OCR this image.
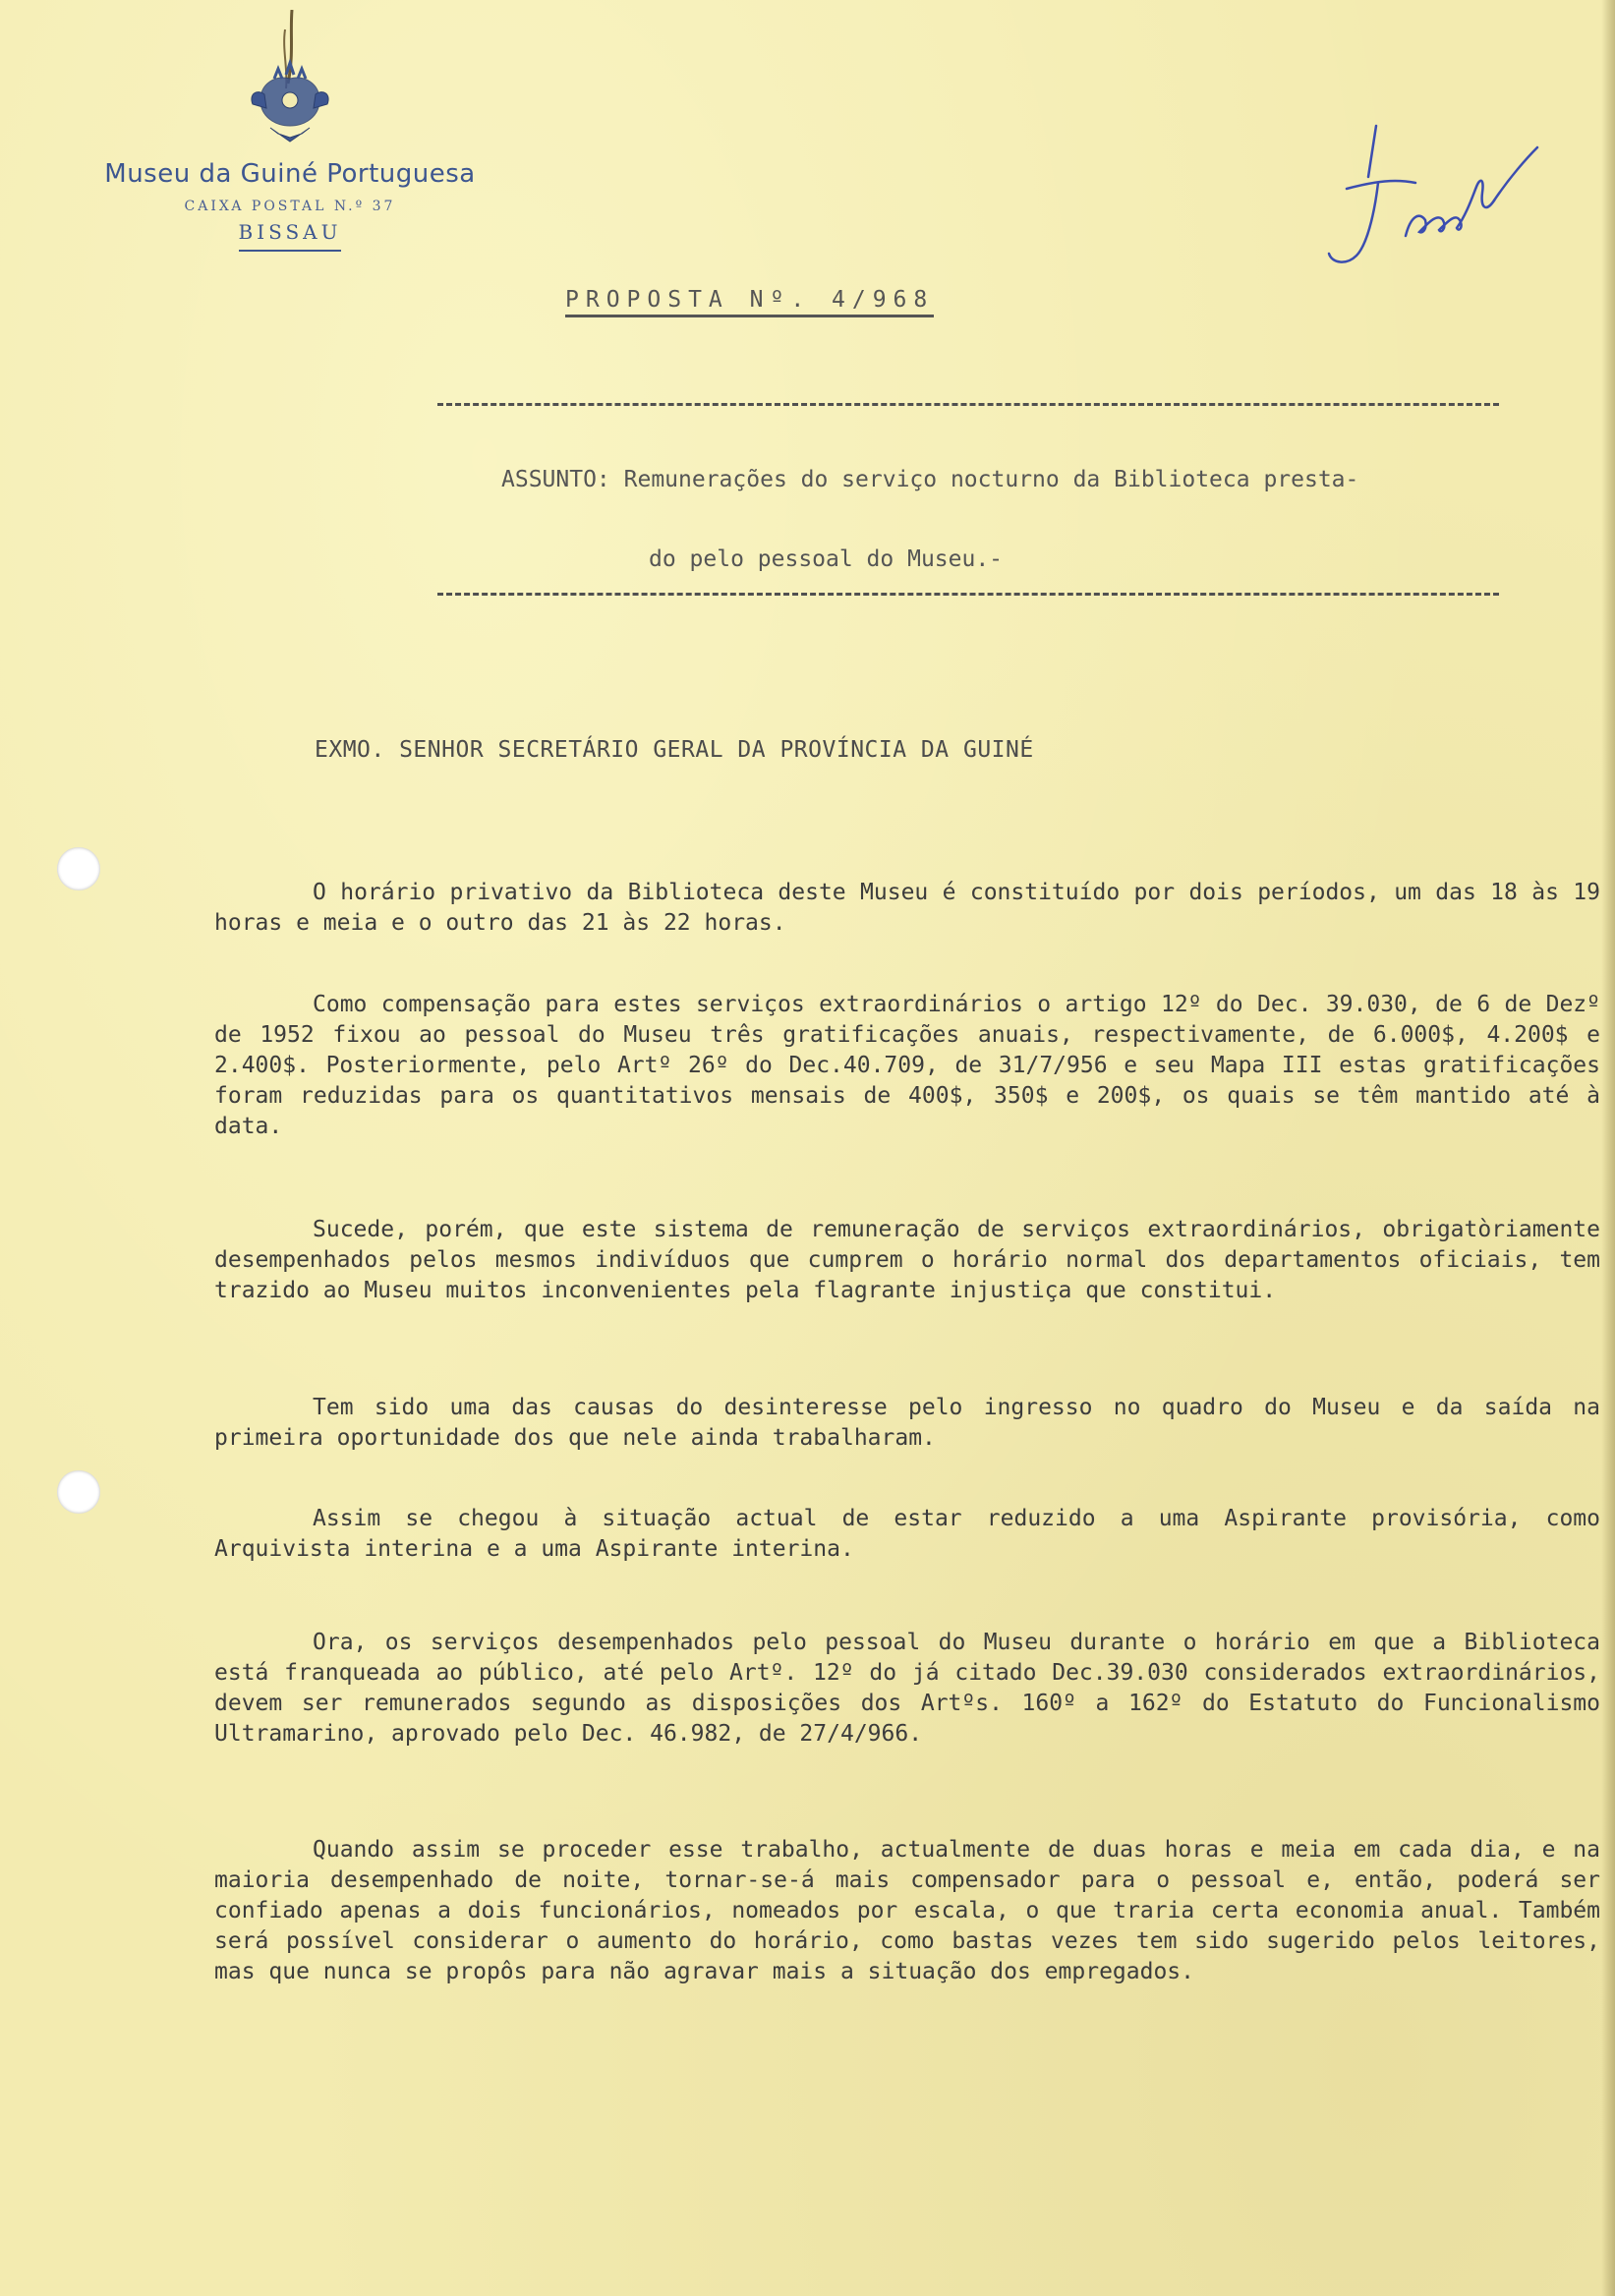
Museu da Guiné Portuguesa
CAIXA POSTAL N.º 37
BISSAU
PROPOSTA Nº. 4/968
ASSUNTO: Remunerações do serviço nocturno da Biblioteca presta-
do pelo pessoal do Museu.-
EXMO. SENHOR SECRETÁRIO GERAL DA PROVÍNCIA DA GUINÉ

O horário privativo da Biblioteca deste Museu é constituído por dois períodos, um das 18 às 19 horas e meia e o outro das 21 às 22 horas.

Como compensação para estes serviços extraordinários o artigo 12º do Dec. 39.030, de 6 de Dezº de 1952 fixou ao pessoal do Museu três gratificações anuais, respectivamente, de 6.000$, 4.200$ e 2.400$. Posteriormente, pelo Artº 26º do Dec.40.709, de 31/7/956 e seu Mapa III estas gratificações foram reduzidas para os quantitativos mensais de 400$, 350$ e 200$, os quais se têm mantido até à data.

Sucede, porém, que este sistema de remuneração de serviços extraordinários, obrigatòriamente desempenhados pelos mesmos indivíduos que cumprem o horário normal dos departamentos oficiais, tem trazido ao Museu muitos inconvenientes pela flagrante injustiça que constitui.

Tem sido uma das causas do desinteresse pelo ingresso no quadro do Museu e da saída na primeira oportunidade dos que nele ainda trabalharam.

Assim se chegou à situação actual de estar reduzido a uma Aspirante provisória, como Arquivista interina e a uma Aspirante interina.

Ora, os serviços desempenhados pelo pessoal do Museu durante o horário em que a Biblioteca está franqueada ao público, até pelo Artº. 12º do já citado Dec.39.030 considerados extraordinários, devem ser remunerados segundo as disposições dos Artºs. 160º a 162º do Estatuto do Funcionalismo Ultramarino, aprovado pelo Dec. 46.982, de 27/4/966.

Quando assim se proceder esse trabalho, actualmente de duas horas e meia em cada dia, e na maioria desempenhado de noite, tornar-se-á mais compensador para o pessoal e, então, poderá ser confiado apenas a dois funcionários, nomeados por escala, o que traria certa economia anual. Também será possível considerar o aumento do horário, como bastas vezes tem sido sugerido pelos leitores, mas que nunca se propôs para não agravar mais a situação dos empregados.
